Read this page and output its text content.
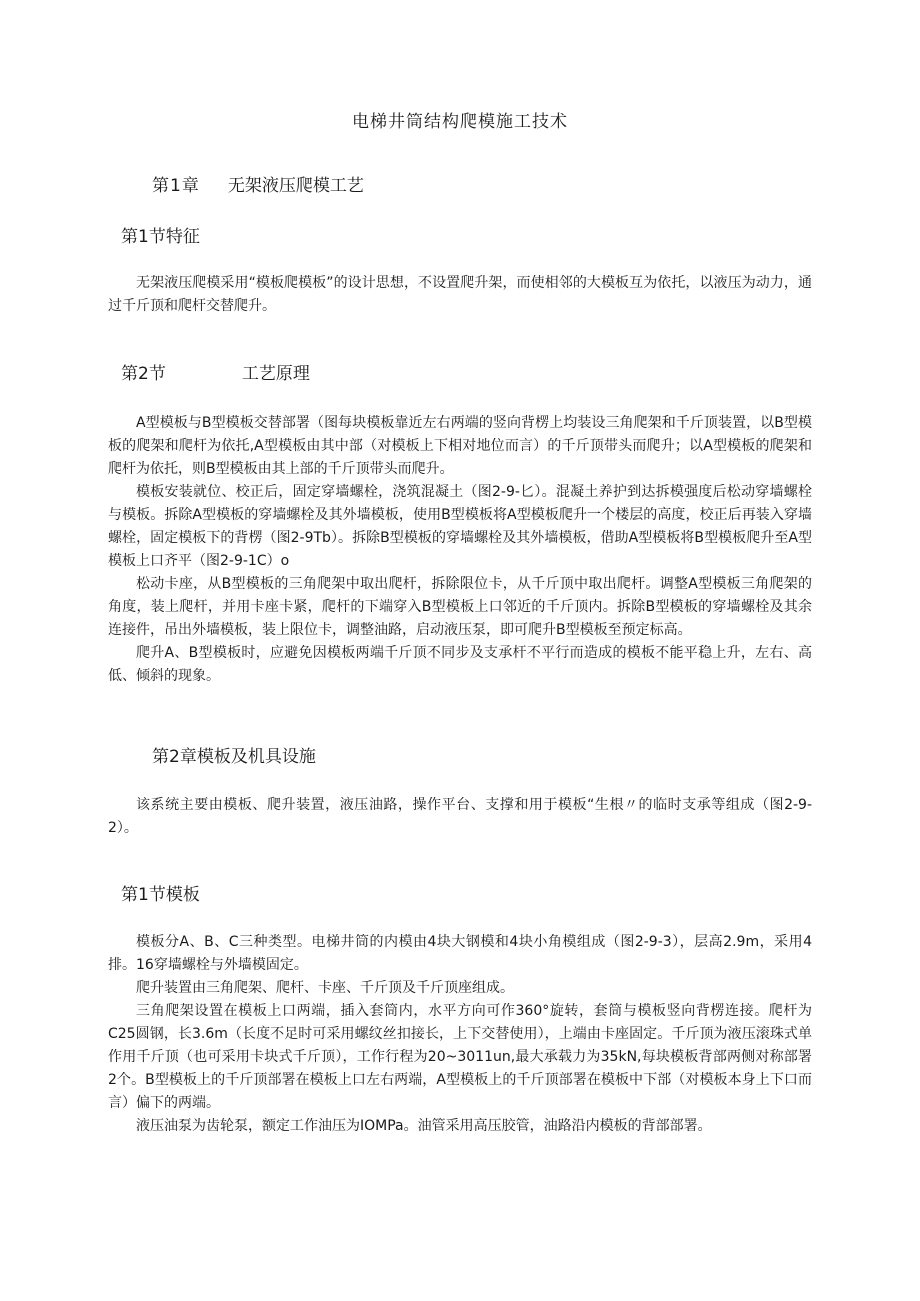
电梯井筒结构爬模施工技术
第1章 无架液压爬模工艺
第1节特征

无架液压爬模采用“模板爬模板”的设计思想，不设置爬升架，而使相邻的大模板互为依托，以液压为动力，通过千斤顶和爬杆交替爬升。

第2节	工艺原理

A型模板与B型模板交替部署（图每块模板靠近左右两端的竖向背楞上均装设三角爬架和千斤顶装置，以B型模板的爬架和爬杆为依托,A型模板由其中部（对模板上下相对地位而言）的千斤顶带头而爬升；以A型模板的爬架和爬杆为依托，则B型模板由其上部的千斤顶带头而爬升。

模板安装就位、校正后，固定穿墙螺栓，浇筑混凝土（图2-9-匕）。混凝土养护到达拆模强度后松动穿墙螺栓与模板。拆除A型模板的穿墙螺栓及其外墙模板，使用B型模板将A型模板爬升一个楼层的高度，校正后再装入穿墙螺栓，固定模板下的背楞（图2-9Tb）。拆除B型模板的穿墙螺栓及其外墙模板，借助A型模板将B型模板爬升至A型模板上口齐平（图2-9-1C）o

松动卡座，从B型模板的三角爬架中取出爬杆，拆除限位卡，从千斤顶中取出爬杆。调整A型模板三角爬架的角度，装上爬杆，并用卡座卡紧，爬杆的下端穿入B型模板上口邻近的千斤顶内。拆除B型模板的穿墙螺栓及其余连接件，吊出外墙模板，装上限位卡，调整油路，启动液压泵，即可爬升B型模板至预定标高。

爬升A、B型模板时，应避免因模板两端千斤顶不同步及支承杆不平行而造成的模板不能平稳上升，左右、高低、倾斜的现象。

第2章模板及机具设施

该系统主要由模板、爬升装置，液压油路，操作平台、支撑和用于模板“生根〃的临时支承等组成（图2-9-2）。

第1节模板

模板分A、B、C三种类型。电梯井筒的内模由4块大钢模和4块小角模组成（图2-9-3），层高2.9m，采用4排。16穿墙螺栓与外墙模固定。

爬升装置由三角爬架、爬杆、卡座、千斤顶及千斤顶座组成。

三角爬架设置在模板上口两端，插入套筒内，水平方向可作360°旋转，套筒与模板竖向背楞连接。爬杆为C25圆钢，长3.6m（长度不足时可采用螺纹丝扣接长，上下交替使用），上端由卡座固定。千斤顶为液压滚珠式单作用千斤顶（也可采用卡块式千斤顶），工作行程为20~3011un,最大承载力为35kN,每块模板背部两侧对称部署2个。B型模板上的千斤顶部署在模板上口左右两端，A型模板上的千斤顶部署在模板中下部（对模板本身上下口而言）偏下的两端。

液压油泵为齿轮泵，额定工作油压为IOMPa。油管采用高压胶管，油路沿内模板的背部部署。
